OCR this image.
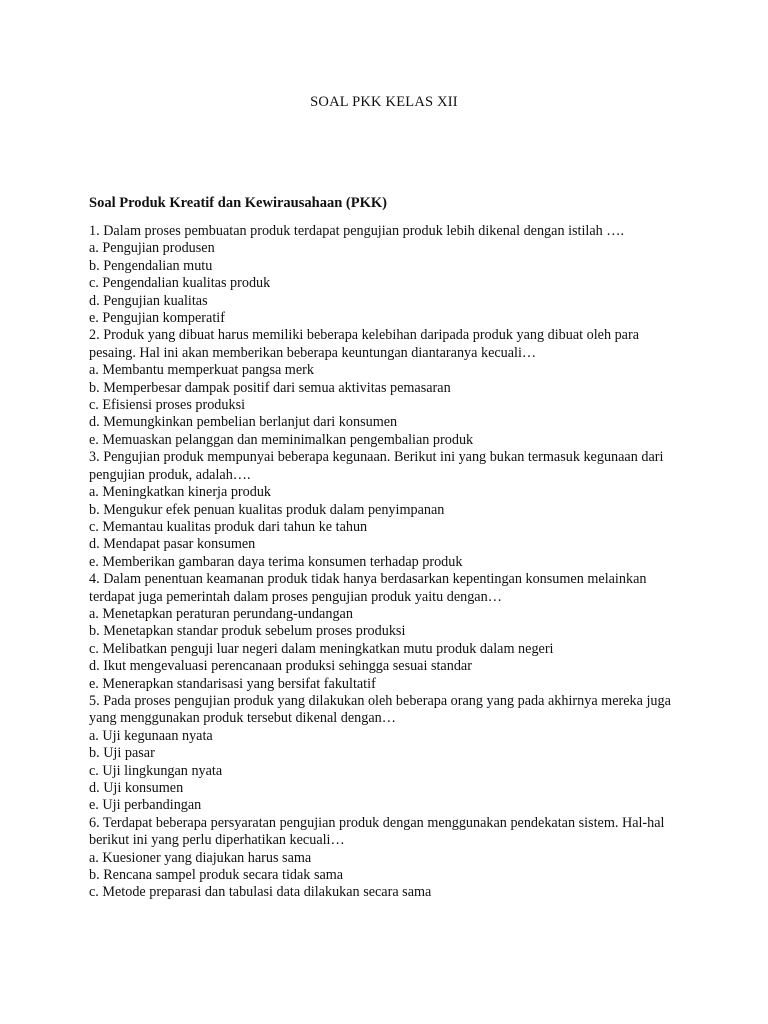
SOAL PKK KELAS XII
Soal Produk Kreatif dan Kewirausahaan (PKK)
1. Dalam proses pembuatan produk terdapat pengujian produk lebih dikenal dengan istilah ….
a. Pengujian produsen
b. Pengendalian mutu
c. Pengendalian kualitas produk
d. Pengujian kualitas
e. Pengujian komperatif
2. Produk yang dibuat harus memiliki beberapa kelebihan daripada produk yang dibuat oleh para pesaing. Hal ini akan memberikan beberapa keuntungan diantaranya kecuali…
a. Membantu memperkuat pangsa merk
b. Memperbesar dampak positif dari semua aktivitas pemasaran
c. Efisiensi proses produksi
d. Memungkinkan pembelian berlanjut dari konsumen
e. Memuaskan pelanggan dan meminimalkan pengembalian produk
3. Pengujian produk mempunyai beberapa kegunaan. Berikut ini yang bukan termasuk kegunaan dari pengujian produk, adalah….
a. Meningkatkan kinerja produk
b. Mengukur efek penuan kualitas produk dalam penyimpanan
c. Memantau kualitas produk dari tahun ke tahun
d. Mendapat pasar konsumen
e. Memberikan gambaran daya terima konsumen terhadap produk
4. Dalam penentuan keamanan produk tidak hanya berdasarkan kepentingan konsumen melainkan terdapat juga pemerintah dalam proses pengujian produk yaitu dengan…
a. Menetapkan peraturan perundang-undangan
b. Menetapkan standar produk sebelum proses produksi
c. Melibatkan penguji luar negeri dalam meningkatkan mutu produk dalam negeri
d. Ikut mengevaluasi perencanaan produksi sehingga sesuai standar
e. Menerapkan standarisasi yang bersifat fakultatif
5. Pada proses pengujian produk yang dilakukan oleh beberapa orang yang pada akhirnya mereka juga yang menggunakan produk tersebut dikenal dengan…
a. Uji kegunaan nyata
b. Uji pasar
c. Uji lingkungan nyata
d. Uji konsumen
e. Uji perbandingan
6. Terdapat beberapa persyaratan pengujian produk dengan menggunakan pendekatan sistem. Hal-hal berikut ini yang perlu diperhatikan kecuali…
a. Kuesioner yang diajukan harus sama
b. Rencana sampel produk secara tidak sama
c. Metode preparasi dan tabulasi data dilakukan secara sama
